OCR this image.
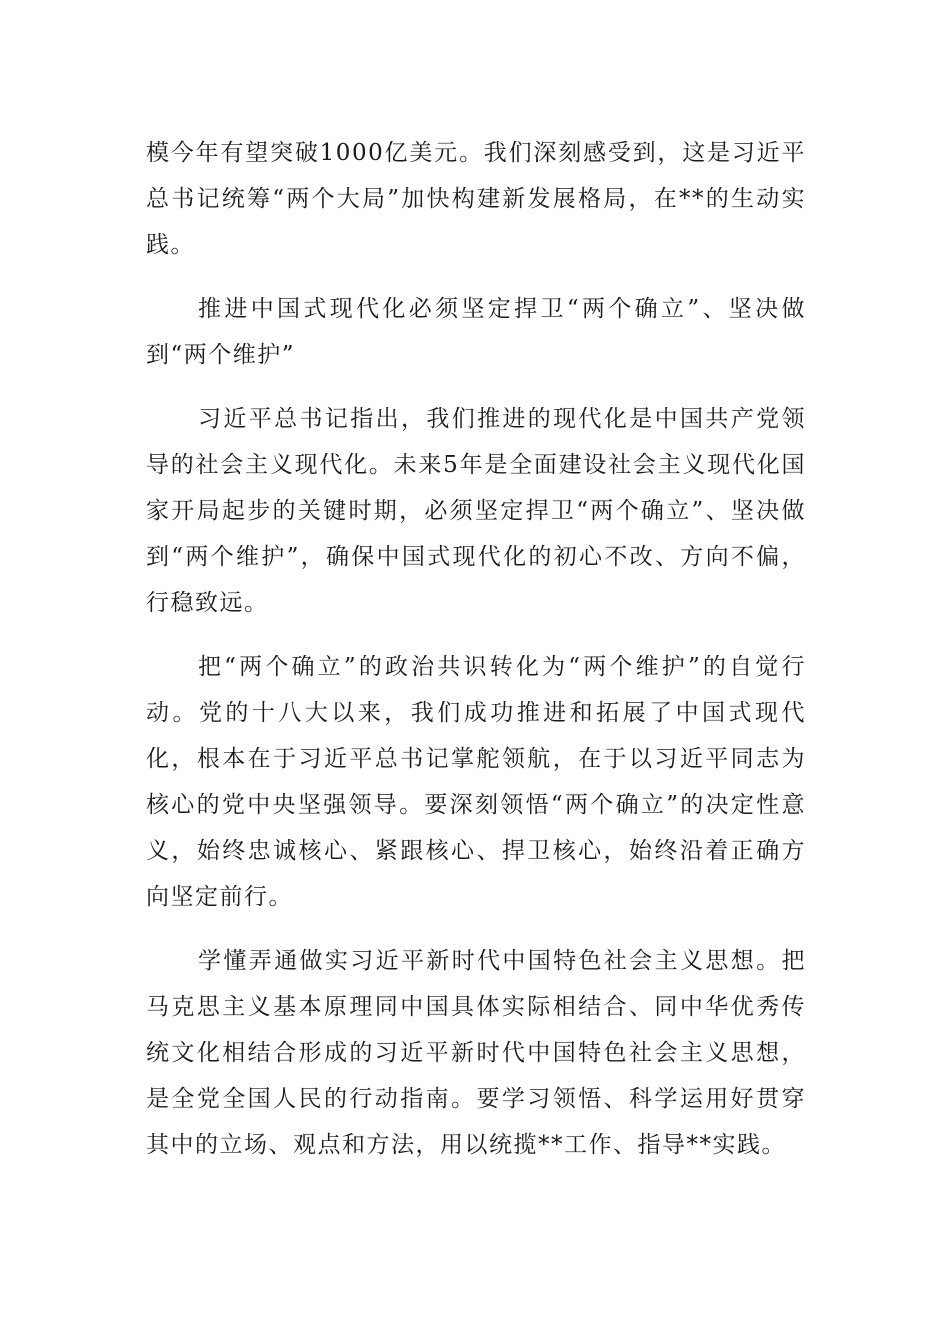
模今年有望突破1000亿美元。我们深刻感受到，这是习近平总书记统筹“两个大局”加快构建新发展格局，在**的生动实践。

推进中国式现代化必须坚定捍卫“两个确立”、坚决做到“两个维护”

习近平总书记指出，我们推进的现代化是中国共产党领导的社会主义现代化。未来5年是全面建设社会主义现代化国家开局起步的关键时期，必须坚定捍卫“两个确立”、坚决做到“两个维护”，确保中国式现代化的初心不改、方向不偏，行稳致远。

把“两个确立”的政治共识转化为“两个维护”的自觉行动。党的十八大以来，我们成功推进和拓展了中国式现代化，根本在于习近平总书记掌舵领航，在于以习近平同志为核心的党中央坚强领导。要深刻领悟“两个确立”的决定性意义，始终忠诚核心、紧跟核心、捍卫核心，始终沿着正确方向坚定前行。

学懂弄通做实习近平新时代中国特色社会主义思想。把马克思主义基本原理同中国具体实际相结合、同中华优秀传统文化相结合形成的习近平新时代中国特色社会主义思想，是全党全国人民的行动指南。要学习领悟、科学运用好贯穿其中的立场、观点和方法，用以统揽**工作、指导**实践。
